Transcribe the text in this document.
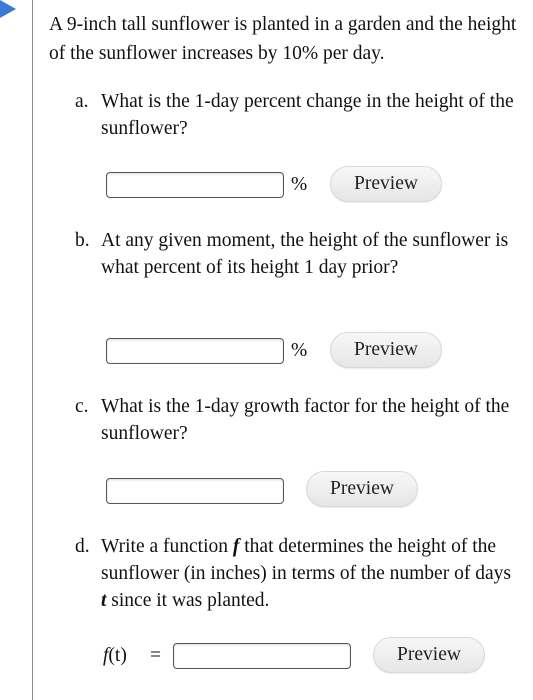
A 9-inch tall sunflower is planted in a garden and the height of the sunflower increases by 10% per day.
a. What is the 1-day percent change in the height of the sunflower?
%	Preview
b. At any given moment, the height of the sunflower is what percent of its height 1 day prior?
%	Preview
c. What is the 1-day growth factor for the height of the sunflower?
Preview
d. Write a function f that determines the height of the sunflower (in inches) in terms of the number of days t since it was planted.
f(t) =	Preview
